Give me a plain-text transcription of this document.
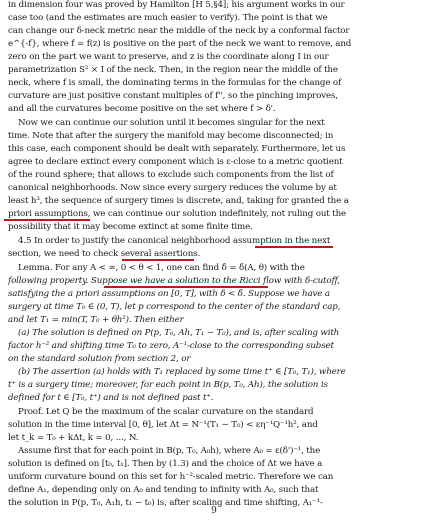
in dimension four was proved by Hamilton [H 5,§4]; his argument works in our
case too (and the estimates are much easier to verify). The point is that we
can change our δ-neck metric near the middle of the neck by a conformal factor
e^{-f}, where f = f(z) is positive on the part of the neck we want to remove, and
zero on the part we want to preserve, and z is the coordinate along I in our
parametrization S² × I of the neck. Then, in the region near the middle of the
neck, where f is small, the dominating terms in the formulas for the change of
curvature are just positive constant multiples of f'', so the pinching improves,
and all the curvatures become positive on the set where f > δ'.
Now we can continue our solution until it becomes singular for the next
time. Note that after the surgery the manifold may become disconnected; in
this case, each component should be dealt with separately. Furthermore, let us
agree to declare extinct every component which is ε-close to a metric quotient
of the round sphere; that allows to exclude such components from the list of
canonical neighborhoods. Now since every surgery reduces the volume by at
least h³, the sequence of surgery times is discrete, and, taking for granted the a
priori assumptions, we can continue our solution indefinitely, not ruling out the
possibility that it may become extinct at some finite time.
4.5 In order to justify the canonical neighborhood assumption in the next
section, we need to check several assertions.
Lemma. For any A < ∞, 0 < θ < 1, one can find δ̄ = δ̄(A, θ) with the
following property. Suppose we have a solution to the Ricci flow with δ-cutoff,
satisfying the a priori assumptions on [0, T], with δ < δ̄. Suppose we have a
surgery at time T₀ ∈ (0, T), let p correspond to the center of the standard cap,
and let T₁ = min(T, T₀ + θh²). Then either
(a) The solution is defined on P(p, T₀, Ah, T₁ − T₀), and is, after scaling with
factor h⁻² and shifting time T₀ to zero, A⁻¹-close to the corresponding subset
on the standard solution from section 2, or
(b) The assertion (a) holds with T₁ replaced by some time t⁺ ∈ [T₀, T₁), where
t⁺ is a surgery time; moreover, for each point in B(p, T₀, Ah), the solution is
defined for t ∈ [T₀, t⁺) and is not defined past t⁺.
Proof. Let Q be the maximum of the scalar curvature on the standard
solution in the time interval [0, θ], let Δt = N⁻¹(T₁ − T₀) < εη⁻¹Q⁻¹h², and
let t_k = T₀ + kΔt, k = 0, ..., N.
Assume first that for each point in B(p, T₀, A₀h), where A₀ = ε(δ')⁻¹, the
solution is defined on [t₀, t₁]. Then by (1.3) and the choice of Δt we have a
uniform curvature bound on this set for h⁻²-scaled metric. Therefore we can
define A₁, depending only on A₀ and tending to infinity with A₀, such that
the solution in P(p, T₀, A₁h, t₁ − t₀) is, after scaling and time shifting, A₁⁻¹-
9
